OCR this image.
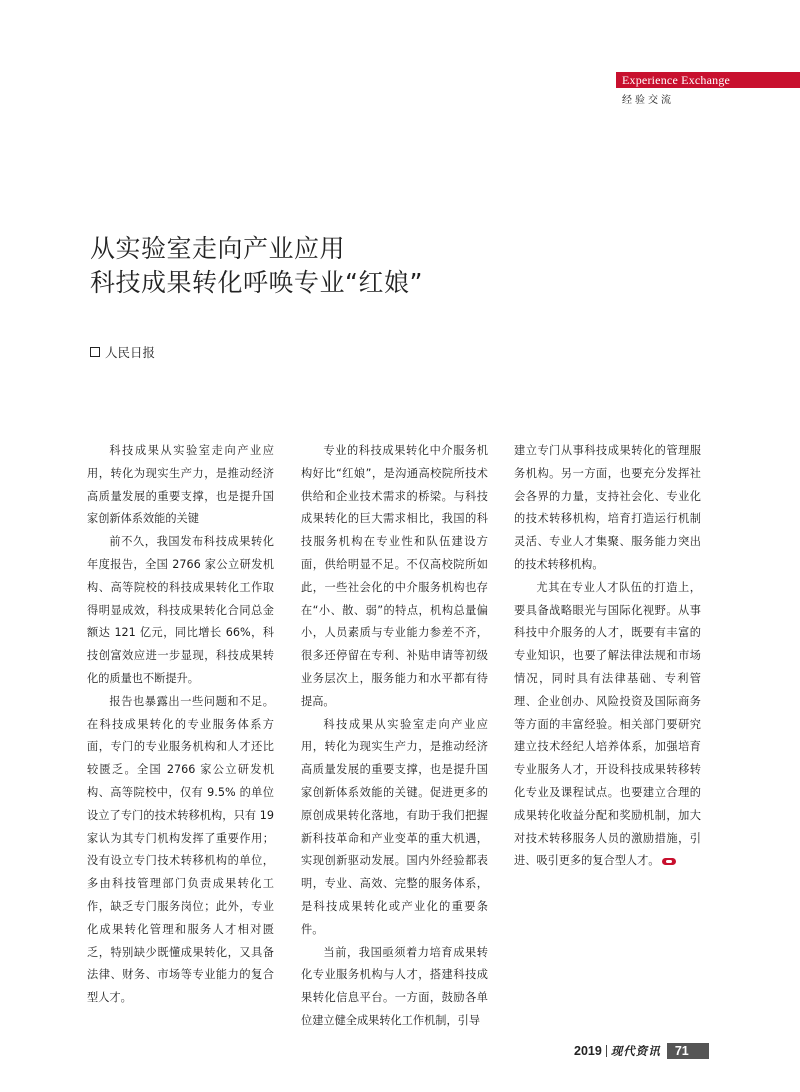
Experience Exchange
经验交流
从实验室走向产业应用
科技成果转化呼唤专业“红娘”
人民日报

科技成果从实验室走向产业应用，转化为现实生产力，是推动经济高质量发展的重要支撑，也是提升国家创新体系效能的关键

前不久，我国发布科技成果转化年度报告，全国 2766 家公立研发机构、高等院校的科技成果转化工作取得明显成效，科技成果转化合同总金额达 121 亿元，同比增长 66%，科技创富效应进一步显现，科技成果转化的质量也不断提升。

报告也暴露出一些问题和不足。在科技成果转化的专业服务体系方面，专门的专业服务机构和人才还比较匮乏。全国 2766 家公立研发机构、高等院校中，仅有 9.5% 的单位设立了专门的技术转移机构，只有 19 家认为其专门机构发挥了重要作用；没有设立专门技术转移机构的单位，多由科技管理部门负责成果转化工作，缺乏专门服务岗位；此外，专业化成果转化管理和服务人才相对匮乏，特别缺少既懂成果转化，又具备法律、财务、市场等专业能力的复合型人才。

专业的科技成果转化中介服务机构好比“红娘”，是沟通高校院所技术供给和企业技术需求的桥梁。与科技成果转化的巨大需求相比，我国的科技服务机构在专业性和队伍建设方面，供给明显不足。不仅高校院所如此，一些社会化的中介服务机构也存在“小、散、弱”的特点，机构总量偏小，人员素质与专业能力参差不齐，很多还停留在专利、补贴申请等初级业务层次上，服务能力和水平都有待提高。

科技成果从实验室走向产业应用，转化为现实生产力，是推动经济高质量发展的重要支撑，也是提升国家创新体系效能的关键。促进更多的原创成果转化落地，有助于我们把握新科技革命和产业变革的重大机遇，实现创新驱动发展。国内外经验都表明，专业、高效、完整的服务体系，是科技成果转化或产业化的重要条件。

当前，我国亟须着力培育成果转化专业服务机构与人才，搭建科技成果转化信息平台。一方面，鼓励各单位建立健全成果转化工作机制，引导

建立专门从事科技成果转化的管理服务机构。另一方面，也要充分发挥社会各界的力量，支持社会化、专业化的技术转移机构，培育打造运行机制灵活、专业人才集聚、服务能力突出的技术转移机构。

尤其在专业人才队伍的打造上，要具备战略眼光与国际化视野。从事科技中介服务的人才，既要有丰富的专业知识，也要了解法律法规和市场情况，同时具有法律基础、专利管理、企业创办、风险投资及国际商务等方面的丰富经验。相关部门要研究建立技术经纪人培养体系，加强培育专业服务人才，开设科技成果转移转化专业及课程试点。也要建立合理的成果转化收益分配和奖励机制，加大对技术转移服务人员的激励措施，引进、吸引更多的复合型人才。

2019 现代资讯	71
